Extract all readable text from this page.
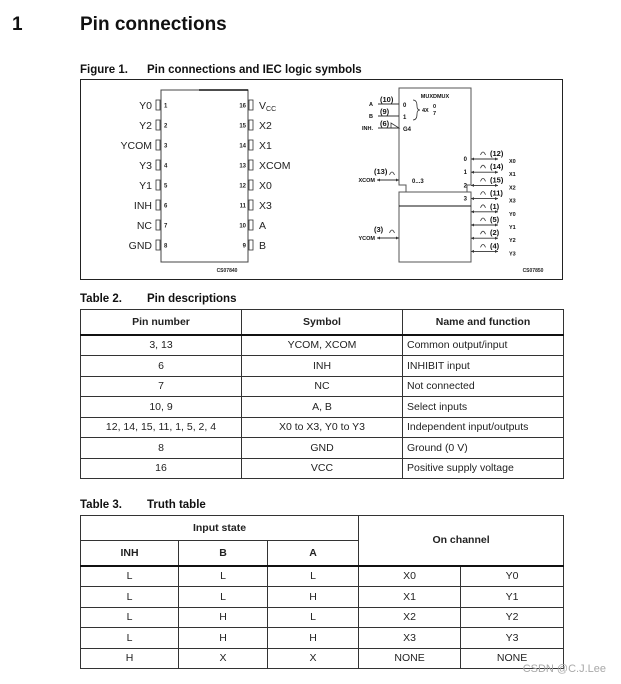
1	Pin connections
Figure 1. Pin connections and IEC logic symbols
1
Y0
2
Y2
3
YCOM
4
Y3
5
Y1
6
INH
7
NC
8
GND
16 VCC
15 X2
14 X1
13 XCOM
12 X0
11 X3
10 A
9 B
CS07840
A
(10)
0
B
(9)
1
INH.
(6)
G4
4X
0
7
XCOM
(13)
0...3
YCOM
(3)
0
(12)
X0
1
(14)
X1
2
(15)
X2
3
(11)
X3
(1)
Y0
(5)
Y1
(2)
Y2
(4)
Y3
MUXDMUX
CS07850
Table 2. Pin descriptions
Pin number	Symbol	Name and function
3, 13	YCOM, XCOM	Common output/input
6	INH	INHIBIT input
7	NC	Not connected
10, 9	A, B	Select inputs
12, 14, 15, 11, 1, 5, 2, 4	X0 to X3, Y0 to Y3	Independent input/outputs
8	GND	Ground (0 V)
16	VCC	Positive supply voltage
Table 3. Truth table
Input state			On channel	
INH	B	A		
L	L	L	X0	Y0
L	L	H	X1	Y1
L	H	L	X2	Y2
L	H	H	X3	Y3
H	X	X	NONE	NONE
CSDN @C.J.Lee
